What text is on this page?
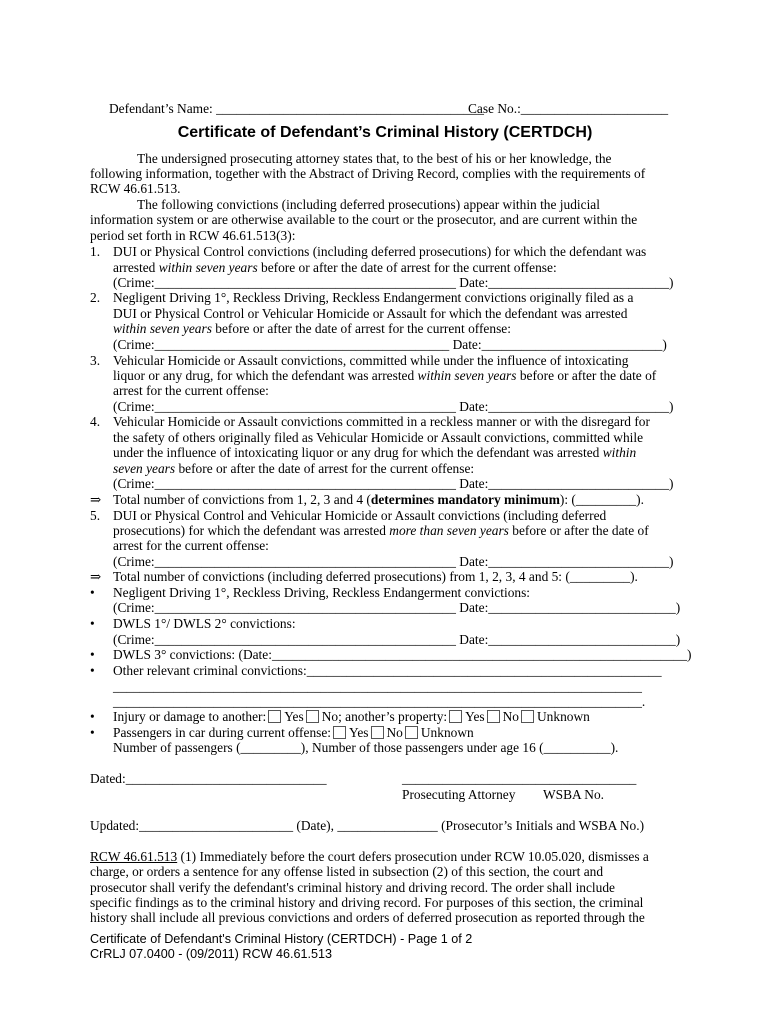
Defendant’s Name: ________________________________________
Case No.:______________________
Certificate of Defendant’s Criminal History (CERTDCH)
The undersigned prosecuting attorney states that, to the best of his or her knowledge, the
following information, together with the Abstract of Driving Record, complies with the requirements of
RCW 46.61.513.
The following convictions (including deferred prosecutions) appear within the judicial
information system or are otherwise available to the court or the prosecutor, and are current within the
period set forth in RCW 46.61.513(3):
1. DUI or Physical Control convictions (including deferred prosecutions) for which the defendant was
arrested within seven years before or after the date of arrest for the current offense:
(Crime:_____________________________________________ Date:___________________________)
2. Negligent Driving 1°, Reckless Driving, Reckless Endangerment convictions originally filed as a
DUI or Physical Control or Vehicular Homicide or Assault for which the defendant was arrested
within seven years before or after the date of arrest for the current offense:
(Crime:____________________________________________ Date:___________________________)
3. Vehicular Homicide or Assault convictions, committed while under the influence of intoxicating
liquor or any drug, for which the defendant was arrested within seven years before or after the date of
arrest for the current offense:
(Crime:_____________________________________________ Date:___________________________)
4. Vehicular Homicide or Assault convictions committed in a reckless manner or with the disregard for
the safety of others originally filed as Vehicular Homicide or Assault convictions, committed while
under the influence of intoxicating liquor or any drug for which the defendant was arrested within
seven years before or after the date of arrest for the current offense:
(Crime:_____________________________________________ Date:___________________________)
⇒ Total number of convictions from 1, 2, 3 and 4 (determines mandatory minimum): (_________).
5. DUI or Physical Control and Vehicular Homicide or Assault convictions (including deferred
prosecutions) for which the defendant was arrested more than seven years before or after the date of
arrest for the current offense:
(Crime:_____________________________________________ Date:___________________________)
⇒ Total number of convictions (including deferred prosecutions) from 1, 2, 3, 4 and 5: (_________).
• Negligent Driving 1°, Reckless Driving, Reckless Endangerment convictions:
(Crime:_____________________________________________ Date:____________________________)
• DWLS 1°/ DWLS 2° convictions:
(Crime:_____________________________________________ Date:____________________________)
• DWLS 3° convictions: (Date:______________________________________________________________)
• Other relevant criminal convictions:_____________________________________________________
_______________________________________________________________________________
_______________________________________________________________________________.
• Injury or damage to another: Yes No; another’s property: Yes No Unknown
• Passengers in car during current offense: Yes No Unknown
Number of passengers (_________), Number of those passengers under age 16 (__________).
Dated:______________________________	___________________________________
Prosecuting Attorney WSBA No.
Updated:_______________________ (Date), _______________ (Prosecutor’s Initials and WSBA No.)
RCW 46.61.513 (1) Immediately before the court defers prosecution under RCW 10.05.020, dismisses a
charge, or orders a sentence for any offense listed in subsection (2) of this section, the court and
prosecutor shall verify the defendant's criminal history and driving record. The order shall include
specific findings as to the criminal history and driving record. For purposes of this section, the criminal
history shall include all previous convictions and orders of deferred prosecution as reported through the
Certificate of Defendant's Criminal History (CERTDCH) - Page 1 of 2
CrRLJ 07.0400 - (09/2011) RCW 46.61.513
